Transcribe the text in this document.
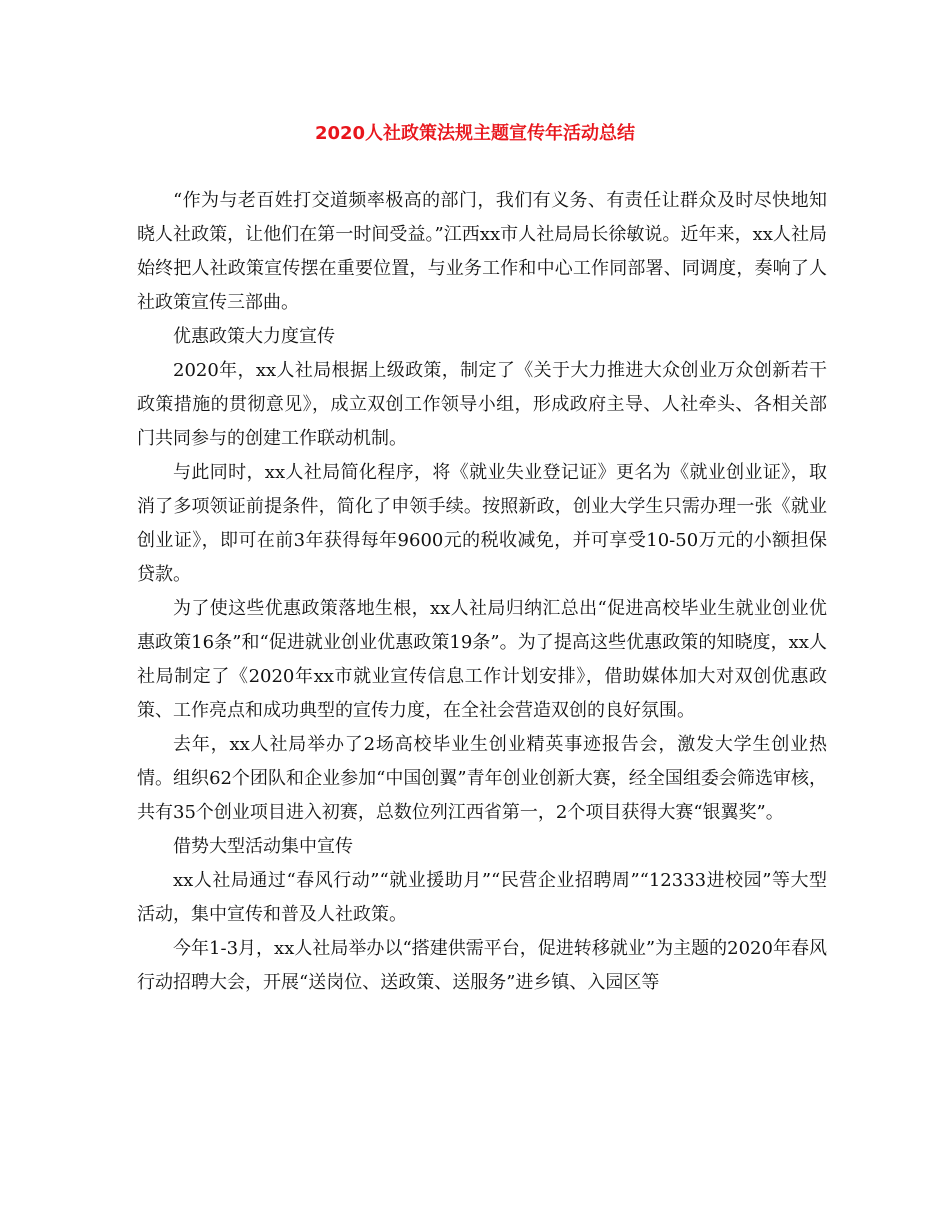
2020人社政策法规主题宣传年活动总结

“作为与老百姓打交道频率极高的部门，我们有义务、有责任让群众及时尽快地知晓人社政策，让他们在第一时间受益。”江西xx市人社局局长徐敏说。近年来，xx人社局始终把人社政策宣传摆在重要位置，与业务工作和中心工作同部署、同调度，奏响了人社政策宣传三部曲。

优惠政策大力度宣传

2020年，xx人社局根据上级政策，制定了《关于大力推进大众创业万众创新若干政策措施的贯彻意见》，成立双创工作领导小组，形成政府主导、人社牵头、各相关部门共同参与的创建工作联动机制。

与此同时，xx人社局简化程序，将《就业失业登记证》更名为《就业创业证》，取消了多项领证前提条件，简化了申领手续。按照新政，创业大学生只需办理一张《就业创业证》，即可在前3年获得每年9600元的税收减免，并可享受10-50万元的小额担保贷款。

为了使这些优惠政策落地生根，xx人社局归纳汇总出“促进高校毕业生就业创业优惠政策16条”和“促进就业创业优惠政策19条”。为了提高这些优惠政策的知晓度，xx人社局制定了《2020年xx市就业宣传信息工作计划安排》，借助媒体加大对双创优惠政策、工作亮点和成功典型的宣传力度，在全社会营造双创的良好氛围。

去年，xx人社局举办了2场高校毕业生创业精英事迹报告会，激发大学生创业热情。组织62个团队和企业参加“中国创翼”青年创业创新大赛，经全国组委会筛选审核，共有35个创业项目进入初赛，总数位列江西省第一，2个项目获得大赛“银翼奖”。

借势大型活动集中宣传

xx人社局通过“春风行动”“就业援助月”“民营企业招聘周”“12333进校园”等大型活动，集中宣传和普及人社政策。

今年1-3月，xx人社局举办以“搭建供需平台，促进转移就业”为主题的2020年春风行动招聘大会，开展“送岗位、送政策、送服务”进乡镇、入园区等
